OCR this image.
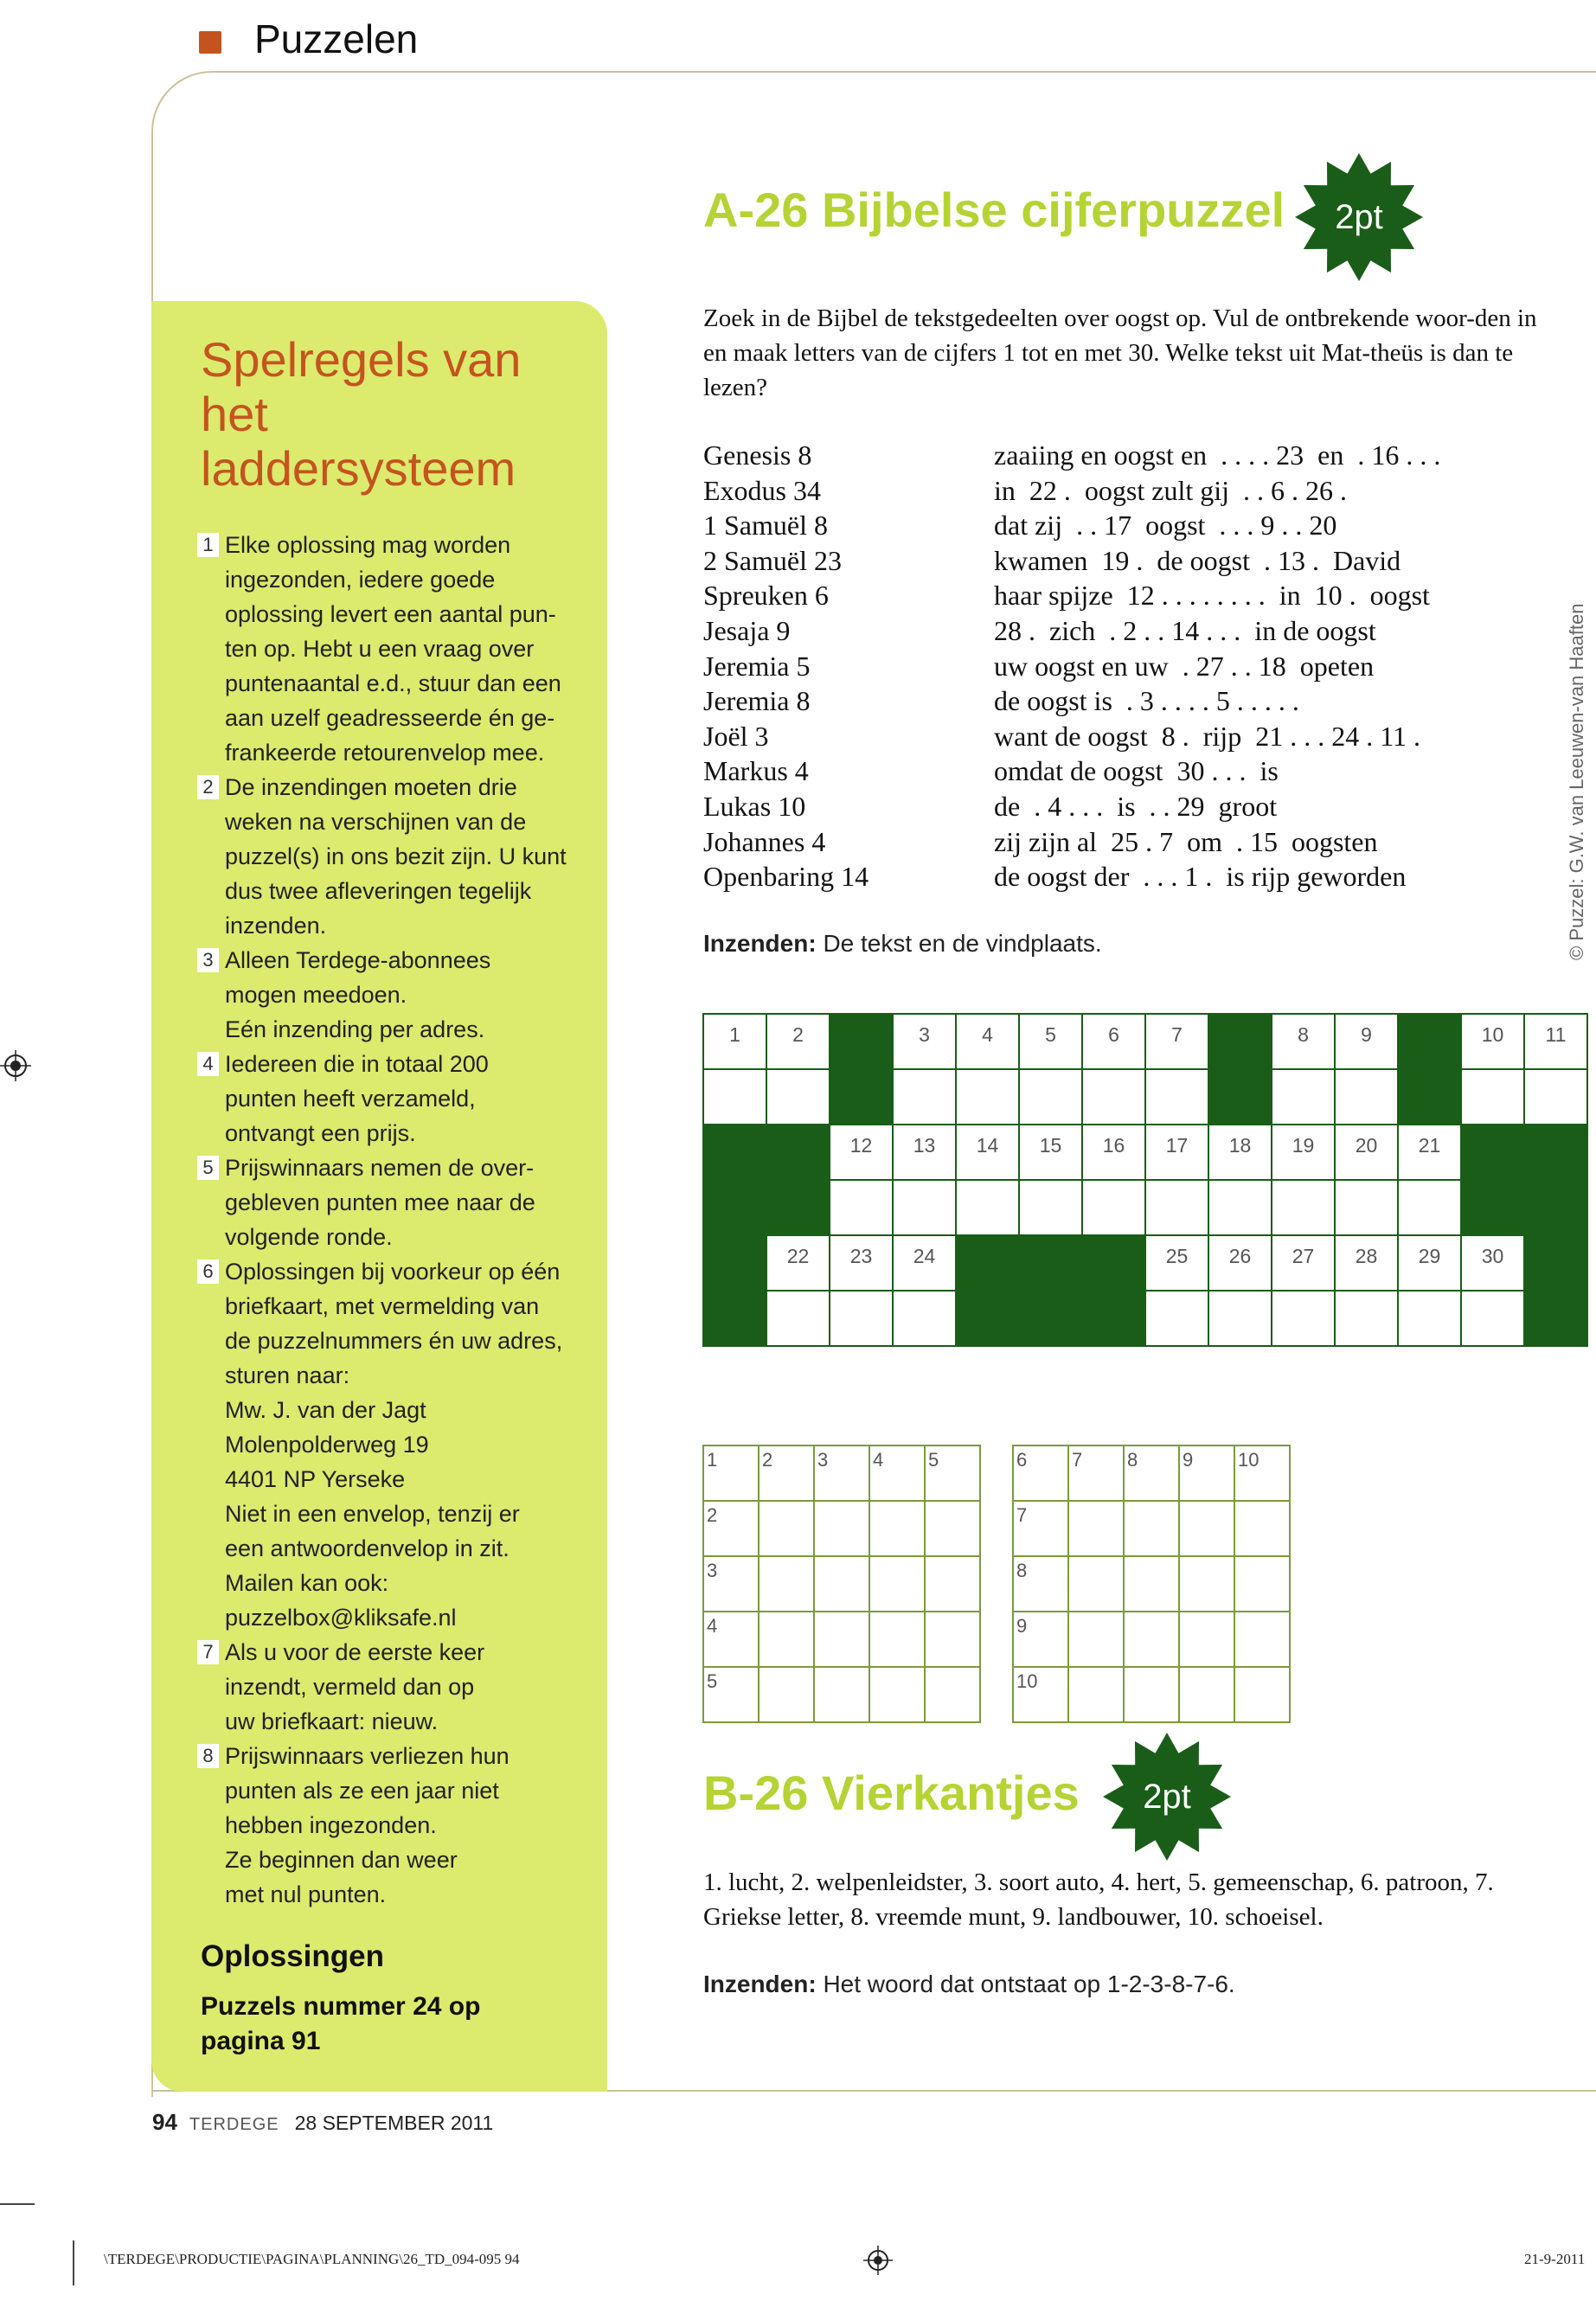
Puzzelen
Spelregels van het laddersysteem
1 Elke oplossing mag worden
ingezonden, iedere goede
oplossing levert een aantal pun-
ten op. Hebt u een vraag over
puntenaantal e.d., stuur dan een
aan uzelf geadresseerde én ge-
frankeerde retourenvelop mee.
2 De inzendingen moeten drie
weken na verschijnen van de
puzzel(s) in ons bezit zijn. U kunt
dus twee afleveringen tegelijk
inzenden.
3 Alleen Terdege-abonnees
mogen meedoen.
Eén inzending per adres.
4 Iedereen die in totaal 200
punten heeft verzameld,
ontvangt een prijs.
5 Prijswinnaars nemen de over-
gebleven punten mee naar de
volgende ronde.
6 Oplossingen bij voorkeur op één
briefkaart, met vermelding van
de puzzelnummers én uw adres,
sturen naar:
Mw. J. van der Jagt
Molenpolderweg 19
4401 NP Yerseke
Niet in een envelop, tenzij er
een antwoordenvelop in zit.
Mailen kan ook:
puzzelbox@kliksafe.nl
7 Als u voor de eerste keer
inzendt, vermeld dan op
uw briefkaart: nieuw.
8 Prijswinnaars verliezen hun
punten als ze een jaar niet
hebben ingezonden.
Ze beginnen dan weer
met nul punten.
Oplossingen
Puzzels nummer 24 op pagina 91
A-26 Bijbelse cijferpuzzel 2pt
Zoek in de Bijbel de tekstgedeelten over oogst op. Vul de ontbrekende woor-den in en maak letters van de cijfers 1 tot en met 30. Welke tekst uit Mat-theüs is dan te lezen?
Genesis 8	zaaiing en oogst en  . . . . 23  en  . 16 . . .
Exodus 34	in  22 .  oogst zult gij  . . 6 . 26 .
1 Samuël 8	dat zij  . . 17  oogst  . . . 9 . . 20
2 Samuël 23	kwamen  19 .  de oogst  . 13 .  David
Spreuken 6	haar spijze  12 . . . . . . . .  in  10 .  oogst
Jesaja 9	28 .  zich  . 2 . . 14 . . .  in de oogst
Jeremia 5	uw oogst en uw  . 27 . . 18  opeten
Jeremia 8	de oogst is  . 3 . . . . 5 . . . . .
Joël 3	want de oogst  8 .  rijp  21 . . . 24 . 11 .
Markus 4	omdat de oogst  30 . . .  is
Lukas 10	de  . 4 . . .  is  . . 29  groot
Johannes 4	zij zijn al  25 . 7  om  . 15  oogsten
Openbaring 14	de oogst der  . . . 1 .  is rijp geworden
Inzenden: De tekst en de vindplaats.
1	2		3	4	5	6	7		8	9		10	11

		12	13	14	15	16	17	18	19	20	21		

	22	23	24				25	26	27	28	29	30	

1	2	3	4	5

2				

3				

4				

5				

6	7	8	9	10

7				

8				

9				

10				

B-26 Vierkantjes 2pt
1. lucht, 2. welpenleidster, 3. soort auto, 4. hert, 5. gemeenschap, 6. patroon, 7. Griekse letter, 8. vreemde munt, 9. landbouwer, 10. schoeisel.
Inzenden: Het woord dat ontstaat op 1-2-3-8-7-6.
© Puzzel: G.W. van Leeuwen-van Haaften
94 TERDEGE 28 SEPTEMBER 2011
\TERDEGE\PRODUCTIE\PAGINA\PLANNING\26_TD_094-095 94	21-9-2011
